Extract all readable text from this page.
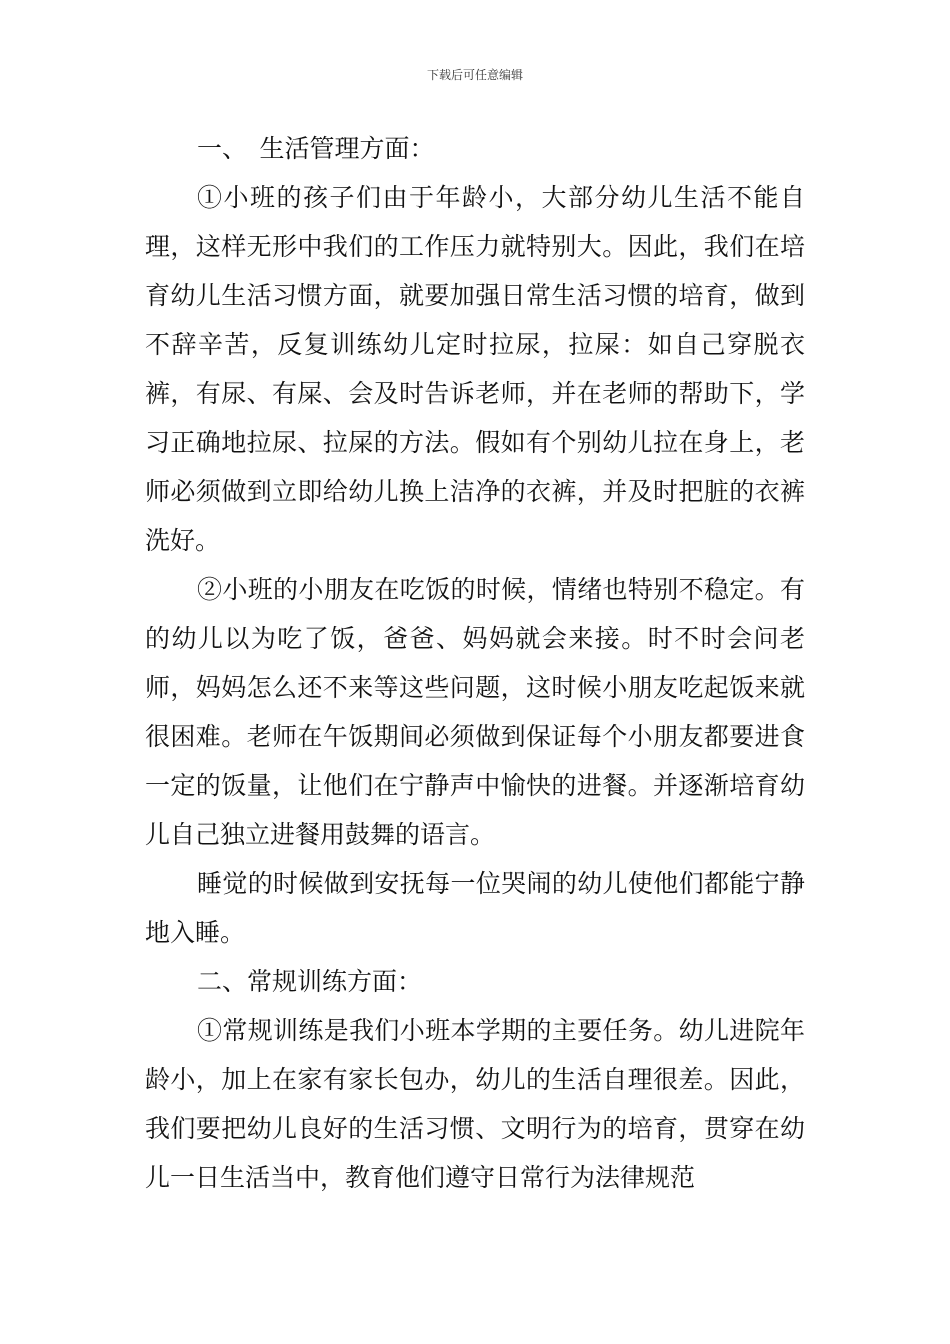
下载后可任意编辑

一、　生活管理方面：

①小班的孩子们由于年龄小，大部分幼儿生活不能自理，这样无形中我们的工作压力就特别大。因此，我们在培育幼儿生活习惯方面，就要加强日常生活习惯的培育，做到不辞辛苦，反复训练幼儿定时拉尿，拉屎：如自己穿脱衣裤，有尿、有屎、会及时告诉老师，并在老师的帮助下，学习正确地拉尿、拉屎的方法。假如有个别幼儿拉在身上，老师必须做到立即给幼儿换上洁净的衣裤，并及时把脏的衣裤洗好。

②小班的小朋友在吃饭的时候，情绪也特别不稳定。有的幼儿以为吃了饭，爸爸、妈妈就会来接。时不时会问老师，妈妈怎么还不来等这些问题，这时候小朋友吃起饭来就很困难。老师在午饭期间必须做到保证每个小朋友都要进食一定的饭量，让他们在宁静声中愉快的进餐。并逐渐培育幼儿自己独立进餐用鼓舞的语言。

睡觉的时候做到安抚每一位哭闹的幼儿使他们都能宁静地入睡。

二、常规训练方面：

①常规训练是我们小班本学期的主要任务。幼儿进院年龄小，加上在家有家长包办，幼儿的生活自理很差。因此，我们要把幼儿良好的生活习惯、文明行为的培育，贯穿在幼儿一日生活当中，教育他们遵守日常行为法律规范
